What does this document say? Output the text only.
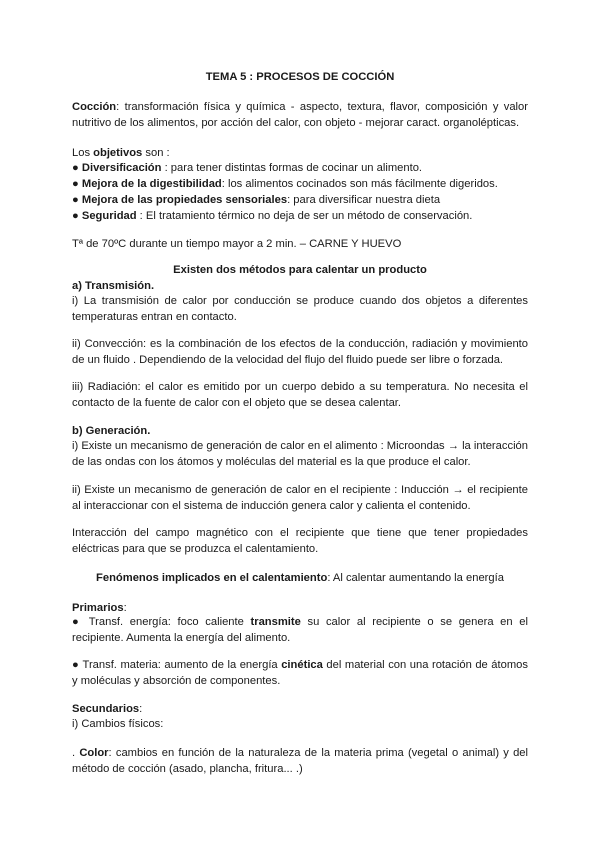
TEMA 5 : PROCESOS DE COCCIÓN

Cocción: transformación física y química - aspecto, textura, flavor, composición y valor nutritivo de los alimentos, por acción del calor, con objeto - mejorar caract. organolépticas.

Los objetivos son :

● Diversificación : para tener distintas formas de cocinar un alimento.
● Mejora de la digestibilidad: los alimentos cocinados son más fácilmente digeridos.
● Mejora de las propiedades sensoriales: para diversificar nuestra dieta
● Seguridad : El tratamiento térmico no deja de ser un método de conservación.

Tª de 70ºC durante un tiempo mayor a 2 min. – CARNE Y HUEVO

Existen dos métodos para calentar un producto

a) Transmisión.

i) La transmisión de calor por conducción se produce cuando dos objetos a diferentes temperaturas entran en contacto.

ii) Convección: es la combinación de los efectos de la conducción, radiación y movimiento de un fluido . Dependiendo de la velocidad del flujo del fluido puede ser libre o forzada.

iii) Radiación: el calor es emitido por un cuerpo debido a su temperatura. No necesita el contacto de la fuente de calor con el objeto que se desea calentar.

b) Generación.

i) Existe un mecanismo de generación de calor en el alimento : Microondas → la interacción de las ondas con los átomos y moléculas del material es la que produce el calor.

ii) Existe un mecanismo de generación de calor en el recipiente : Inducción → el recipiente al interaccionar con el sistema de inducción genera calor y calienta el contenido.

Interacción del campo magnético con el recipiente que tiene que tener propiedades eléctricas para que se produzca el calentamiento.

Fenómenos implicados en el calentamiento: Al calentar aumentando la energía

Primarios:

● Transf. energía: foco caliente transmite su calor al recipiente o se genera en el recipiente. Aumenta la energía del alimento.

● Transf. materia: aumento de la energía cinética del material con una rotación de átomos y moléculas y absorción de componentes.

Secundarios:

i) Cambios físicos:

. Color: cambios en función de la naturaleza de la materia prima (vegetal o animal) y del método de cocción (asado, plancha, fritura... .)
